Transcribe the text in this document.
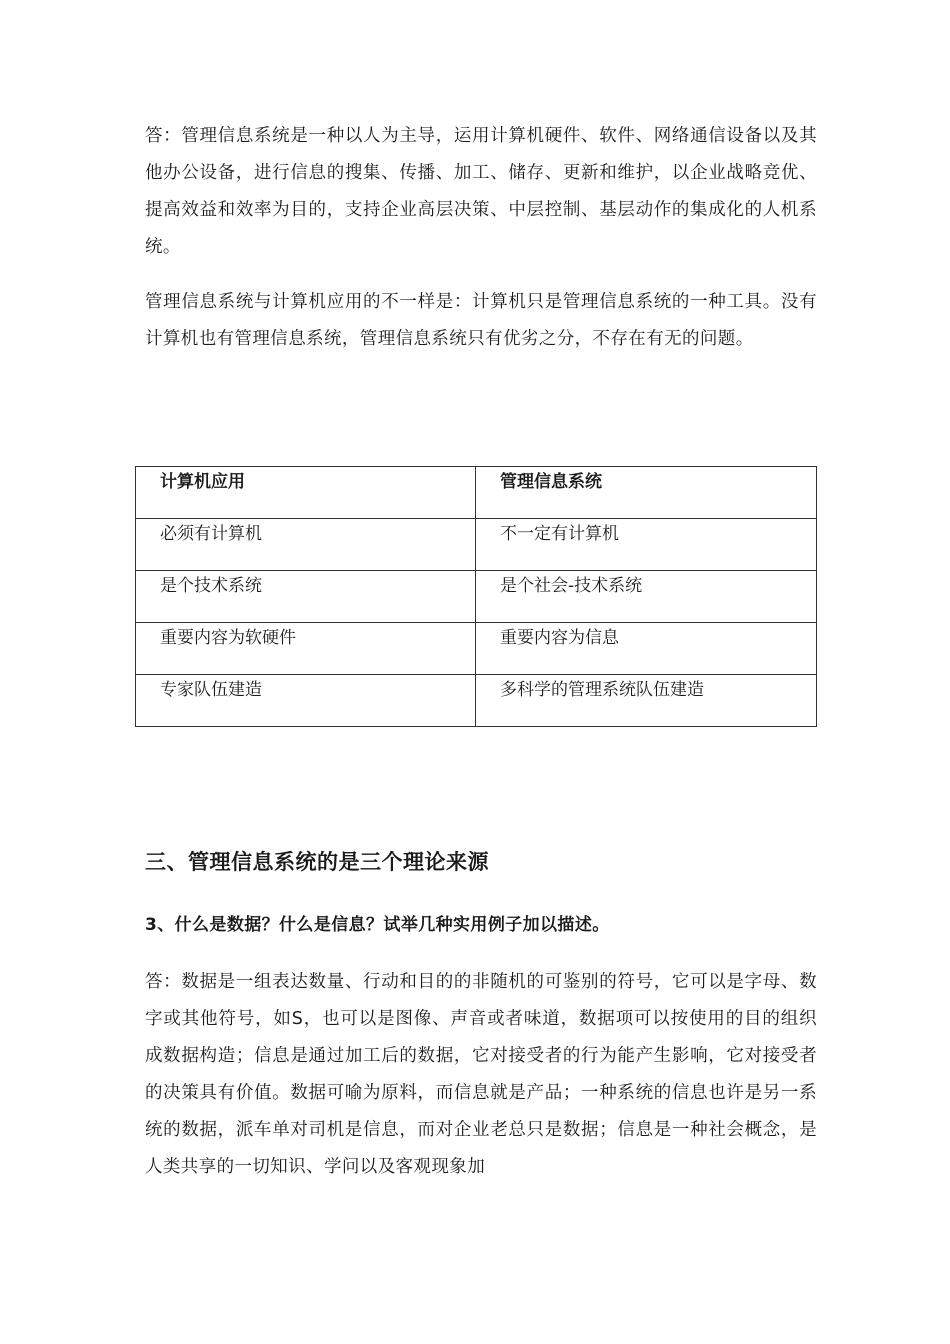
答：管理信息系统是一种以人为主导，运用计算机硬件、软件、网络通信设备以及其他办公设备，进行信息的搜集、传播、加工、储存、更新和维护，以企业战略竞优、提高效益和效率为目的，支持企业高层决策、中层控制、基层动作的集成化的人机系统。

管理信息系统与计算机应用的不一样是：计算机只是管理信息系统的一种工具。没有计算机也有管理信息系统，管理信息系统只有优劣之分，不存在有无的问题。

计算机应用	管理信息系统
必须有计算机	不一定有计算机
是个技术系统	是个社会-技术系统
重要内容为软硬件	重要内容为信息
专家队伍建造	多科学的管理系统队伍建造
三、管理信息系统的是三个理论来源

3、什么是数据？什么是信息？试举几种实用例子加以描述。

答：数据是一组表达数量、行动和目的的非随机的可鉴别的符号，它可以是字母、数字或其他符号，如S，也可以是图像、声音或者味道，数据项可以按使用的目的组织成数据构造；信息是通过加工后的数据，它对接受者的行为能产生影响，它对接受者的决策具有价值。数据可喻为原料，而信息就是产品；一种系统的信息也许是另一系统的数据，派车单对司机是信息，而对企业老总只是数据；信息是一种社会概念，是人类共享的一切知识、学问以及客观现象加
